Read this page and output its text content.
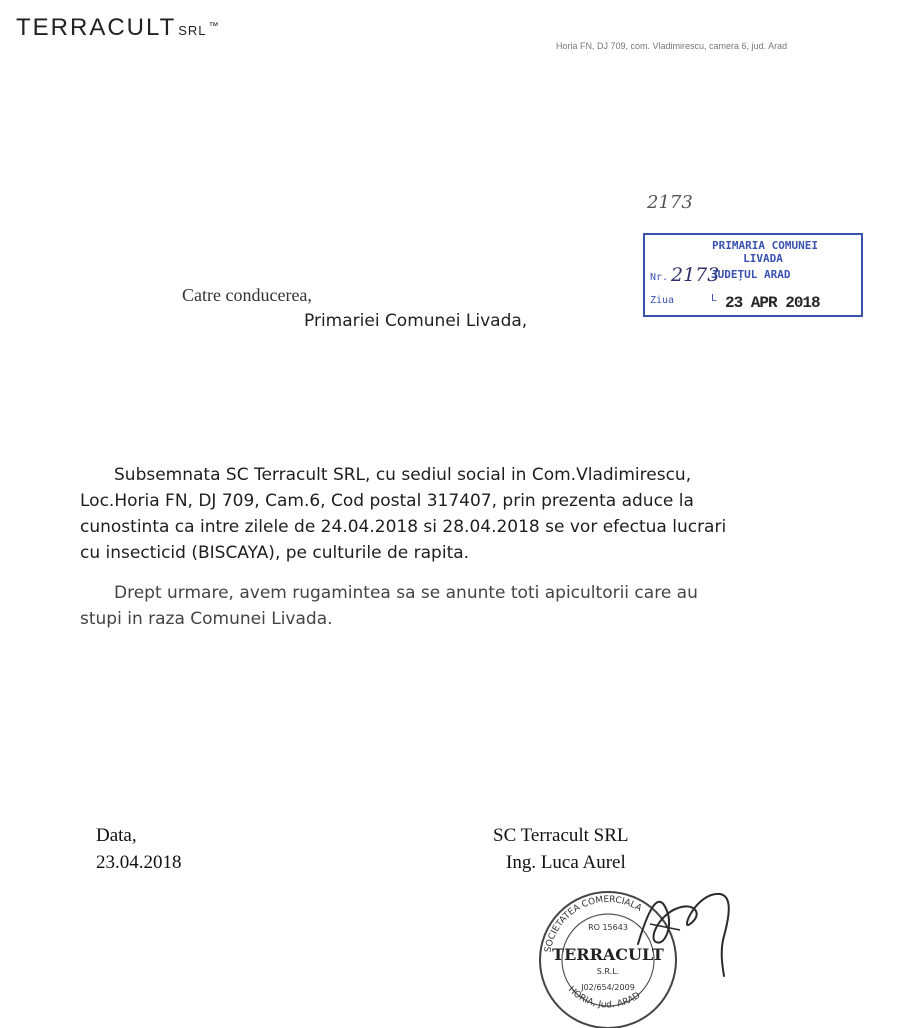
TERRACULT SRL ™
Horia FN, DJ 709, com. Vladimirescu, camera 6, jud. Arad
2173
PRIMARIA COMUNEI
LIVADA
Nr. 2173
JUDEȚUL ARAD
Ziua	L 23 APR 2018
Catre conducerea,
Primariei Comunei Livada,

Subsemnata SC Terracult SRL, cu sediul social in Com.Vladimirescu,
Loc.Horia FN, DJ 709, Cam.6, Cod postal 317407, prin prezenta aduce la
cunostinta ca intre zilele de 24.04.2018 si 28.04.2018 se vor efectua lucrari
cu insecticid (BISCAYA), pe culturile de rapita.

Drept urmare, avem rugamintea sa se anunte toti apicultorii care au
stupi in raza Comunei Livada.

Data,
23.04.2018
SC Terracult SRL
Ing. Luca Aurel
SOCIETATEA COMERCIALA
RO 15643
TERRACULT
S.R.L.
J02/654/2009
HORIA, Jud. ARAD
